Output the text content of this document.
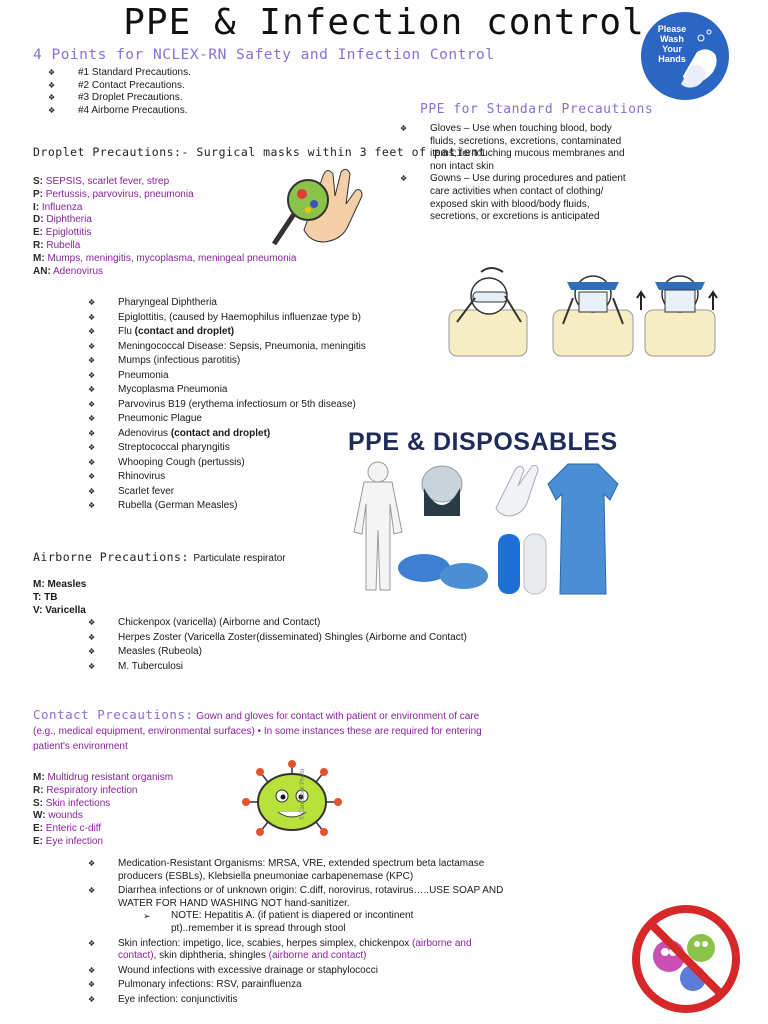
PPE & Infection control	Please Wash Your Hands
4 Points for NCLEX-RN Safety and Infection Control
❖ #1 Standard Precautions.
❖ #2 Contact Precautions.
❖ #3 Droplet Precautions.
❖ #4 Airborne Precautions.	PPE for Standard Precautions
❖ Gloves – Use when touching blood, body fluids, secretions, excretions, contaminated items; for touching mucous membranes and non intact skin
❖ Gowns – Use during procedures and patient care activities when contact of clothing/ exposed skin with blood/body fluids, secretions, or excretions is anticipated
Droplet Precautions:- Surgical masks within 3 feet of patient
S: SEPSIS, scarlet fever, strep
P: Pertussis, parvovirus, pneumonia
I: Influenza
D: Diphtheria
E: Epiglottitis
R: Rubella
M: Mumps, meningitis, mycoplasma, meningeal pneumonia
AN: Adenovirus
❖ Pharyngeal Diphtheria
❖ Epiglottitis, (caused by Haemophilus influenzae type b)
❖ Flu (contact and droplet)
❖ Meningococcal Disease: Sepsis, Pneumonia, meningitis
❖ Mumps (infectious parotitis)
❖ Pneumonia
❖ Mycoplasma Pneumonia
❖ Parvovirus B19 (erythema infectiosum or 5th disease)
❖ Pneumonic Plague
❖ Adenovirus (contact and droplet)
❖ Streptococcal pharyngitis
❖ Whooping Cough (pertussis)
❖ Rhinovirus
❖ Scarlet fever
❖ Rubella (German Measles)
PPE & DISPOSABLES
Airborne Precautions: Particulate respirator
M: Measles
T: TB
V: Varicella
❖ Chickenpox (varicella) (Airborne and Contact)
❖ Herpes Zoster (Varicella Zoster(disseminated) Shingles (Airborne and Contact)
❖ Measles (Rubeola)
❖ M. Tuberculosi
Contact Precautions: Gown and gloves for contact with patient or environment of care (e.g., medical equipment, environmental surfaces) • In some instances these are required for entering patient's environment
M: Multidrug resistant organism
R: Respiratory infection
S: Skin infections
W: wounds
E: Enteric c-diff
E: Eye infection
© Can Stock Photo
❖ Medication-Resistant Organisms: MRSA, VRE, extended spectrum beta lactamase producers (ESBLs), Klebsiella pneumoniae carbapenemase (KPC)
❖ Diarrhea infections or of unknown origin: C.diff, norovirus, rotavirus…..USE SOAP AND WATER FOR HAND WASHING NOT hand-sanitizer.
➢ NOTE: Hepatitis A. (if patient is diapered or incontinent pt)..remember it is spread through stool
❖ Skin infection: impetigo, lice, scabies, herpes simplex, chickenpox (airborne and contact), skin diphtheria, shingles (airborne and contact)
❖ Wound infections with excessive drainage or staphylococci
❖ Pulmonary infections: RSV, parainfluenza
❖ Eye infection: conjunctivitis
